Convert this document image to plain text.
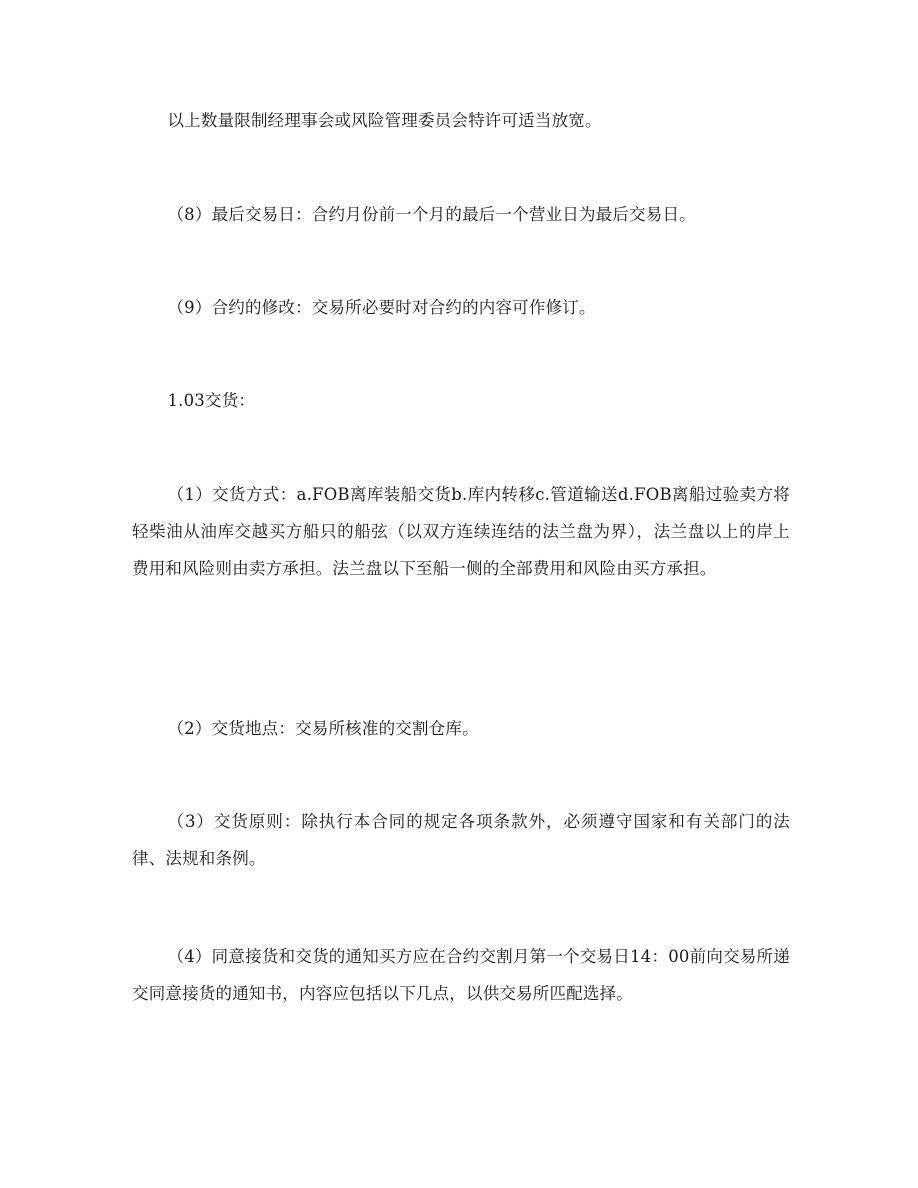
以上数量限制经理事会或风险管理委员会特许可适当放宽。

（8）最后交易日：合约月份前一个月的最后一个营业日为最后交易日。

（9）合约的修改：交易所必要时对合约的内容可作修订。

1.03交货：

（1）交货方式：a.FOB离库装船交货b.库内转移c.管道输送d.FOB离船过验卖方将轻柴油从油库交越买方船只的船弦（以双方连续连结的法兰盘为界），法兰盘以上的岸上费用和风险则由卖方承担。法兰盘以下至船一侧的全部费用和风险由买方承担。

（2）交货地点：交易所核准的交割仓库。

（3）交货原则：除执行本合同的规定各项条款外，必须遵守国家和有关部门的法律、法规和条例。

（4）同意接货和交货的通知买方应在合约交割月第一个交易日14：00前向交易所递交同意接货的通知书，内容应包括以下几点，以供交易所匹配选择。
